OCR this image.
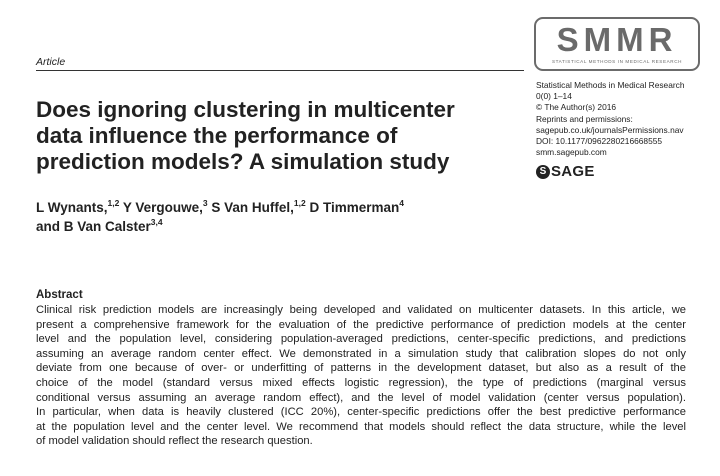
Article
SMMR
STATISTICAL METHODS IN MEDICAL RESEARCH
Statistical Methods in Medical Research
0(0) 1–14
© The Author(s) 2016
Reprints and permissions:
sagepub.co.uk/journalsPermissions.nav
DOI: 10.1177/0962280216668555
smm.sagepub.com
S SAGE
Does ignoring clustering in multicenter
data influence the performance of
prediction models? A simulation study
L Wynants,$^{1,2}$ Y Vergouwe,$^3$ S Van Huffel,$^{1,2}$ D Timmerman$^4$
and B Van Calster$^{3,4}$
Abstract
Clinical risk prediction models are increasingly being developed and validated on multicenter datasets. In this article, we
present a comprehensive framework for the evaluation of the predictive performance of prediction models at the center
level and the population level, considering population-averaged predictions, center-specific predictions, and predictions
assuming an average random center effect. We demonstrated in a simulation study that calibration slopes do not only
deviate from one because of over- or underfitting of patterns in the development dataset, but also as a result of the
choice of the model (standard versus mixed effects logistic regression), the type of predictions (marginal versus
conditional versus assuming an average random effect), and the level of model validation (center versus population).
In particular, when data is heavily clustered (ICC 20%), center-specific predictions offer the best predictive performance
at the population level and the center level. We recommend that models should reflect the data structure, while the level
of model validation should reflect the research question.
